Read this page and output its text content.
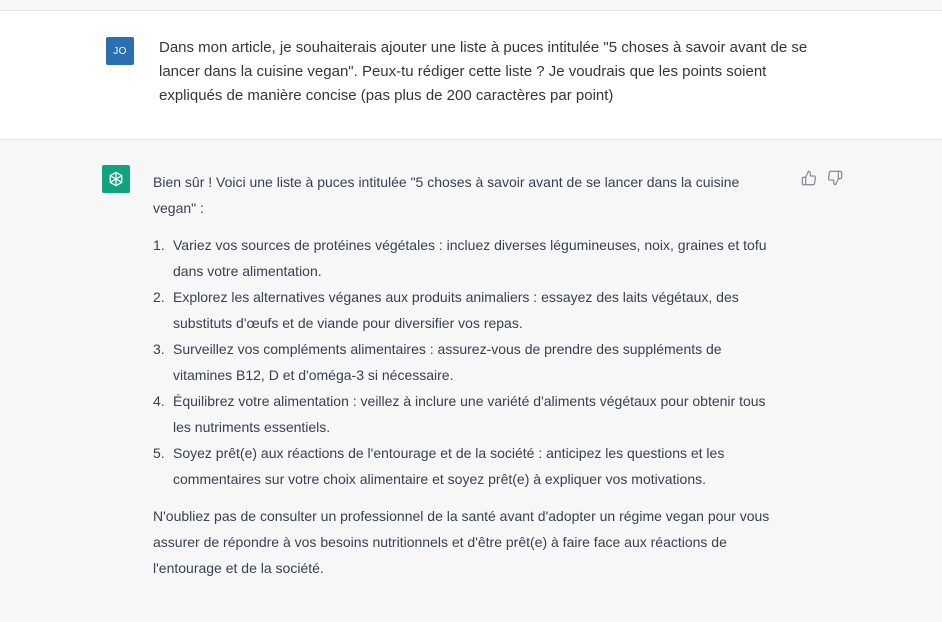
JO	Dans mon article, je souhaiterais ajouter une liste à puces intitulée "5 choses à savoir avant de se lancer dans la cuisine vegan". Peux-tu rédiger cette liste ? Je voudrais que les points soient expliqués de manière concise (pas plus de 200 caractères par point)

Bien sûr ! Voici une liste à puces intitulée "5 choses à savoir avant de se lancer dans la cuisine vegan" :

1. Variez vos sources de protéines végétales : incluez diverses légumineuses, noix, graines et tofu dans votre alimentation.
2. Explorez les alternatives véganes aux produits animaliers : essayez des laits végétaux, des substituts d'œufs et de viande pour diversifier vos repas.
3. Surveillez vos compléments alimentaires : assurez-vous de prendre des suppléments de vitamines B12, D et d'oméga-3 si nécessaire.
4. Équilibrez votre alimentation : veillez à inclure une variété d'aliments végétaux pour obtenir tous les nutriments essentiels.
5. Soyez prêt(e) aux réactions de l'entourage et de la société : anticipez les questions et les commentaires sur votre choix alimentaire et soyez prêt(e) à expliquer vos motivations.

N'oubliez pas de consulter un professionnel de la santé avant d'adopter un régime vegan pour vous assurer de répondre à vos besoins nutritionnels et d'être prêt(e) à faire face aux réactions de l'entourage et de la société.
